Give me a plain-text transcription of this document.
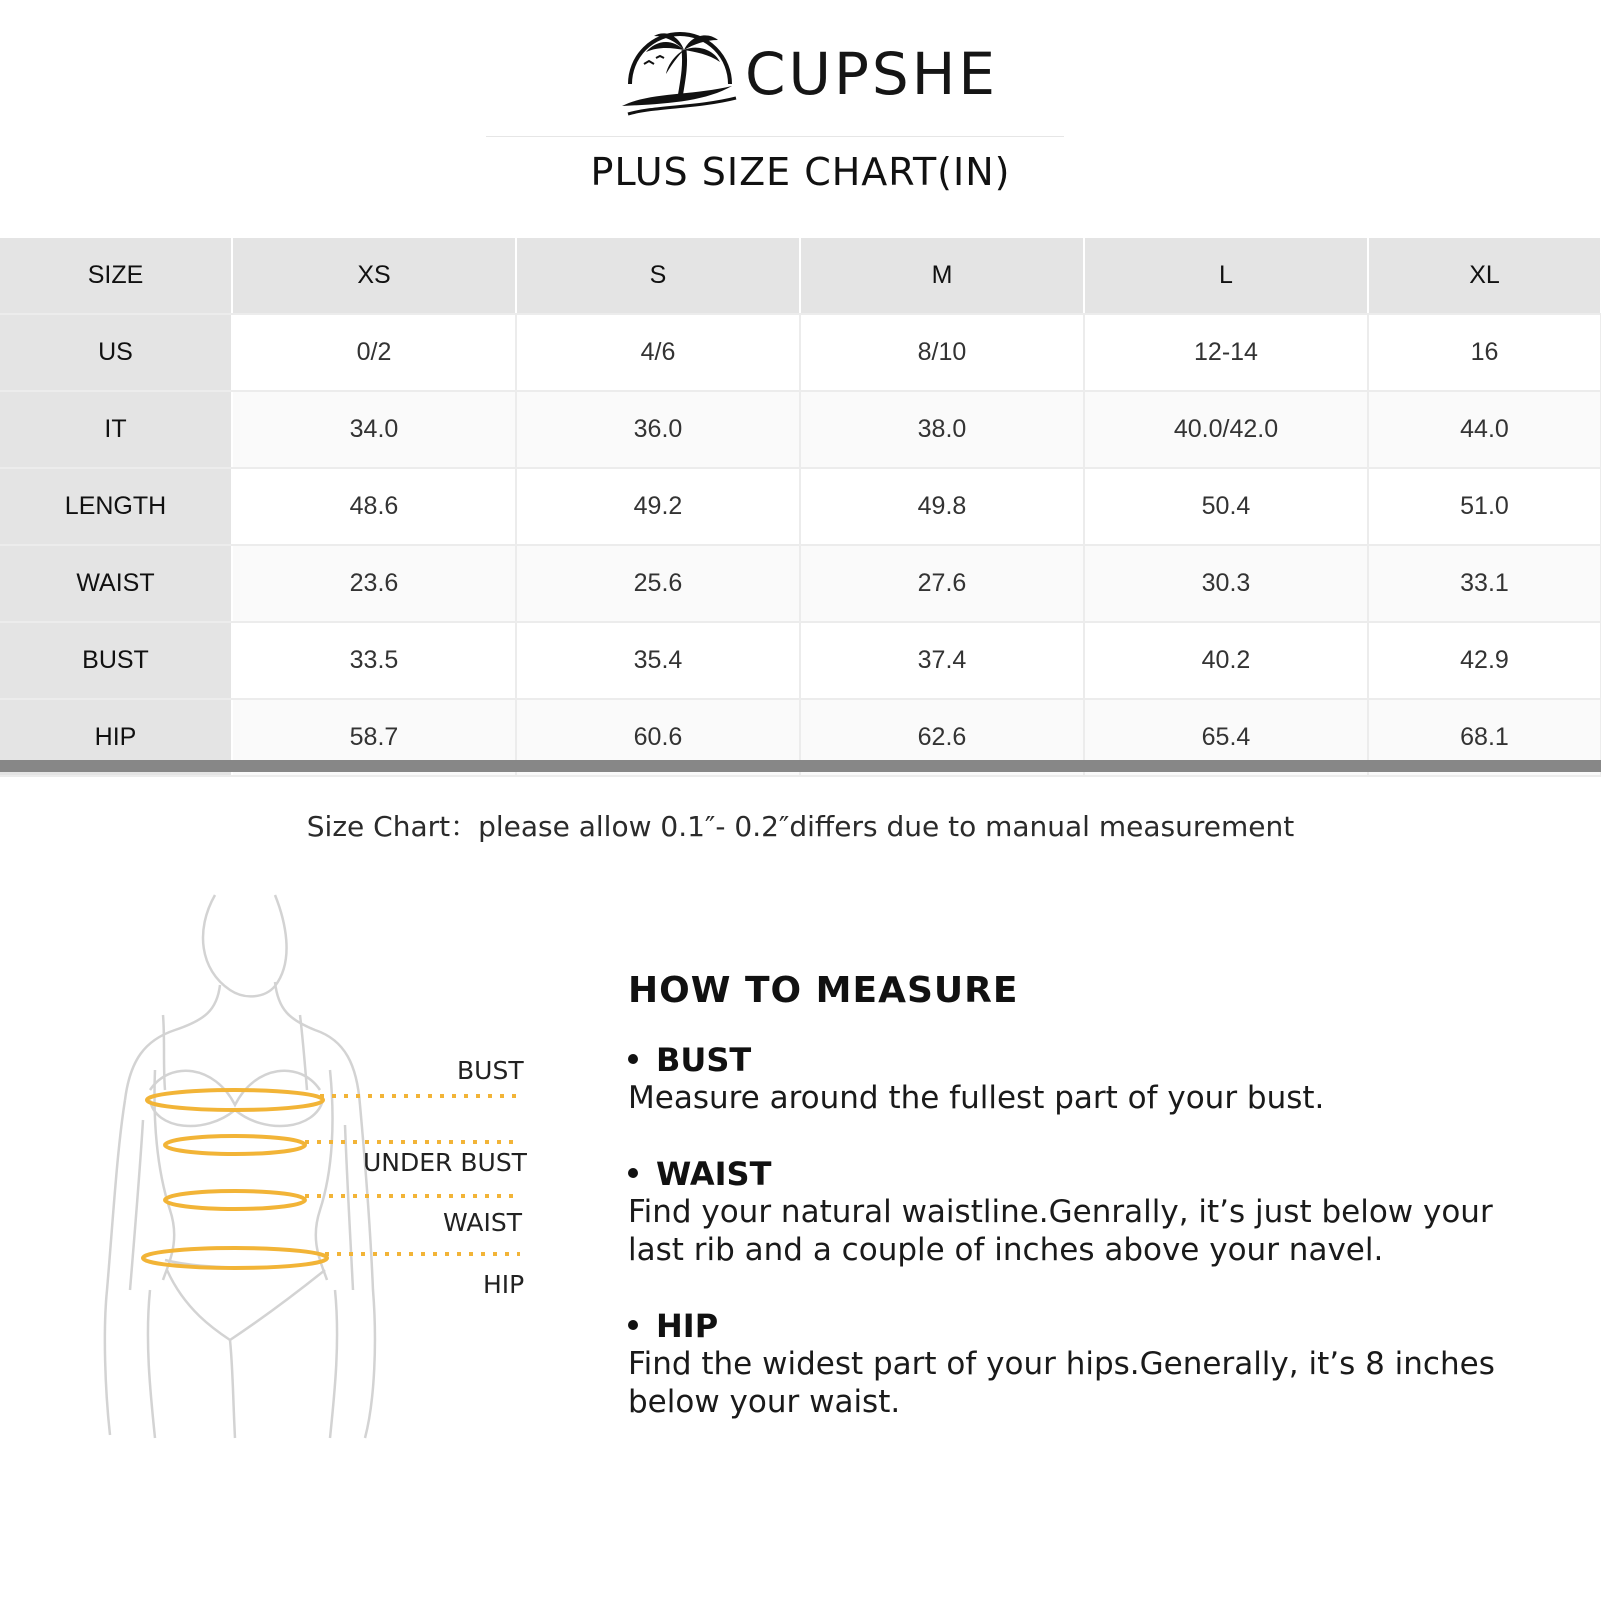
CUPSHE
PLUS SIZE CHART(IN)
SIZE	XS	S	M	L	XL
US	0/2	4/6	8/10	12-14	16
IT	34.0	36.0	38.0	40.0/42.0	44.0
LENGTH	48.6	49.2	49.8	50.4	51.0
WAIST	23.6	25.6	27.6	30.3	33.1
BUST	33.5	35.4	37.4	40.2	42.9
HIP	58.7	60.6	62.6	65.4	68.1
Size Chart：please allow 0.1″- 0.2″differs due to manual measurement
BUST
UNDER BUST
WAIST
HIP
HOW TO MEASURE
BUST
Measure around the fullest part of your bust.
WAIST
Find your natural waistline.Genrally, it’s just below your last rib and a couple of inches above your navel.
HIP
Find the widest part of your hips.Generally, it’s 8 inches below your waist.
